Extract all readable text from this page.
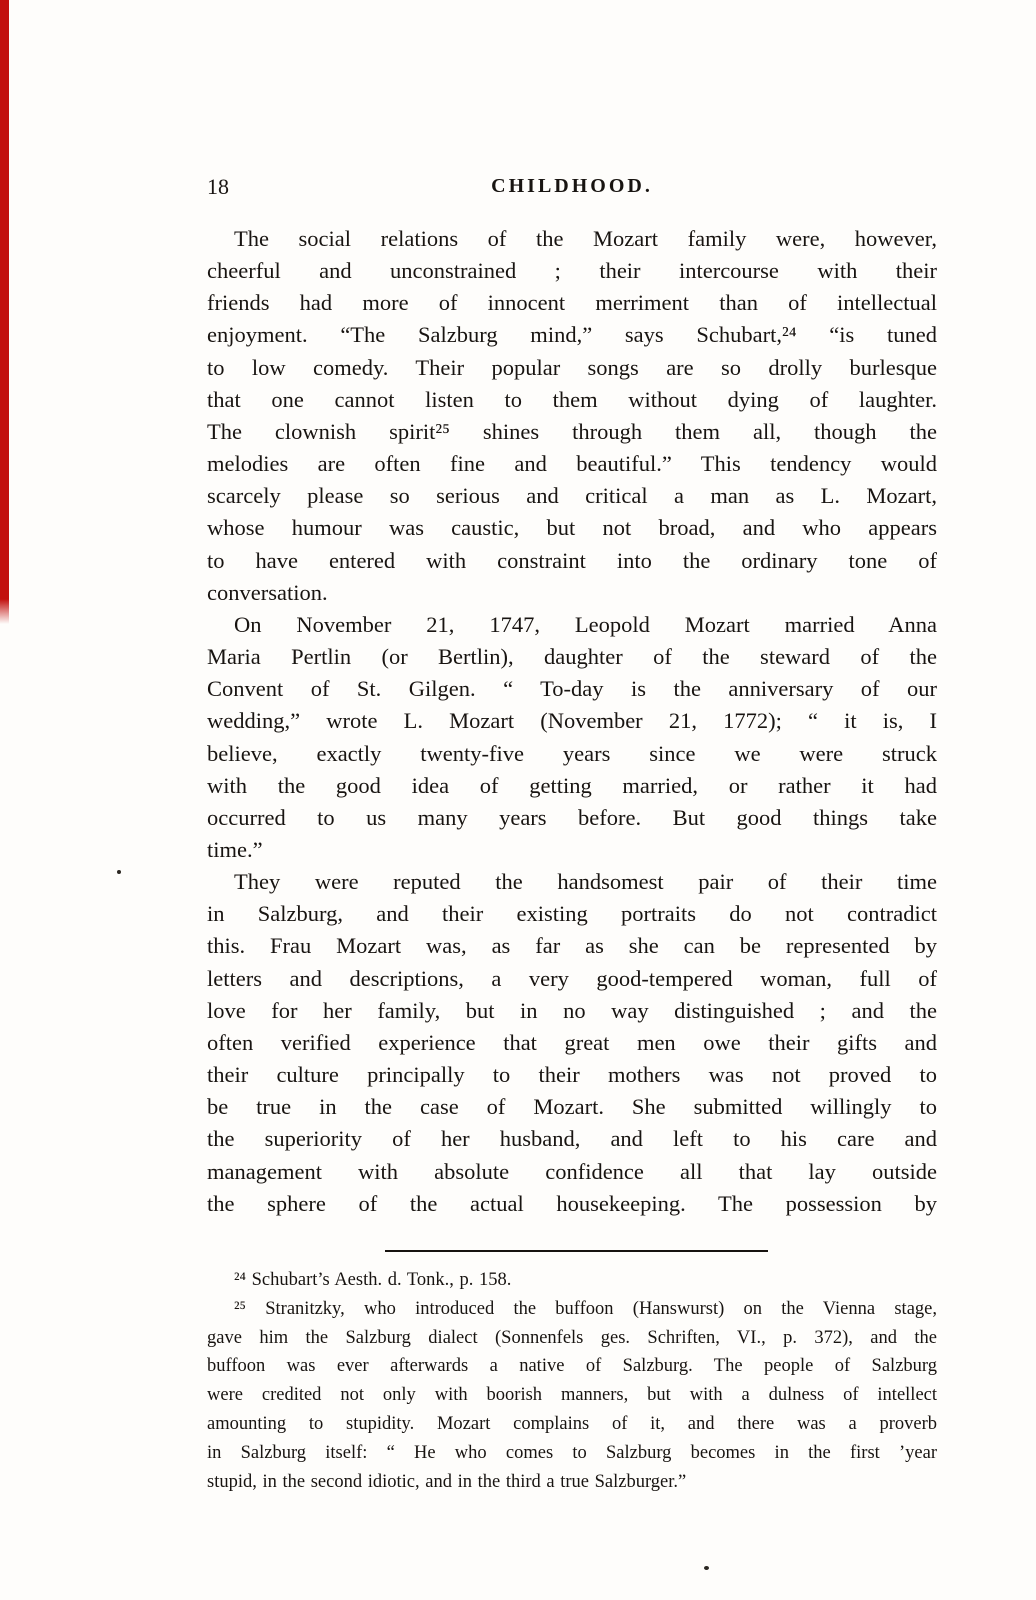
18	CHILDHOOD.
The social relations of the Mozart family were, however,
cheerful and unconstrained ; their intercourse with their
friends had more of innocent merriment than of intellectual
enjoyment. “The Salzburg mind,” says Schubart,²⁴ “is tuned
to low comedy. Their popular songs are so drolly burlesque
that one cannot listen to them without dying of laughter.
The clownish spirit²⁵ shines through them all, though the
melodies are often fine and beautiful.” This tendency would
scarcely please so serious and critical a man as L. Mozart,
whose humour was caustic, but not broad, and who appears
to have entered with constraint into the ordinary tone of
conversation.
On November 21, 1747, Leopold Mozart married Anna
Maria Pertlin (or Bertlin), daughter of the steward of the
Convent of St. Gilgen. “ To-day is the anniversary of our
wedding,” wrote L. Mozart (November 21, 1772); “ it is, I
believe, exactly twenty-five years since we were struck
with the good idea of getting married, or rather it had
occurred to us many years before. But good things take
time.”
They were reputed the handsomest pair of their time
in Salzburg, and their existing portraits do not contradict
this. Frau Mozart was, as far as she can be represented by
letters and descriptions, a very good-tempered woman, full of
love for her family, but in no way distinguished ; and the
often verified experience that great men owe their gifts and
their culture principally to their mothers was not proved to
be true in the case of Mozart. She submitted willingly to
the superiority of her husband, and left to his care and
management with absolute confidence all that lay outside
the sphere of the actual housekeeping. The possession by
²⁴ Schubart’s Aesth. d. Tonk., p. 158.
²⁵ Stranitzky, who introduced the buffoon (Hanswurst) on the Vienna stage,
gave him the Salzburg dialect (Sonnenfels ges. Schriften, VI., p. 372), and the
buffoon was ever afterwards a native of Salzburg. The people of Salzburg
were credited not only with boorish manners, but with a dulness of intellect
amounting to stupidity. Mozart complains of it, and there was a proverb
in Salzburg itself: “ He who comes to Salzburg becomes in the first ’year
stupid, in the second idiotic, and in the third a true Salzburger.”
